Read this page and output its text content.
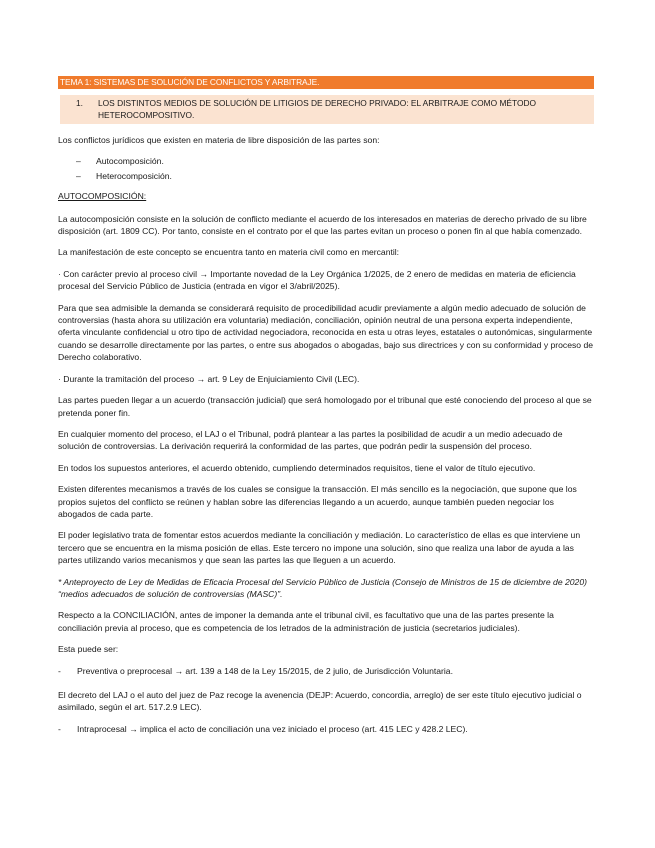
TEMA 1: SISTEMAS DE SOLUCIÓN DE CONFLICTOS Y ARBITRAJE.
1.	LOS DISTINTOS MEDIOS DE SOLUCIÓN DE LITIGIOS DE DERECHO PRIVADO: EL ARBITRAJE COMO MÉTODO HETEROCOMPOSITIVO.

Los conflictos jurídicos que existen en materia de libre disposición de las partes son:

–	Autocomposición.
–	Heterocomposición.

AUTOCOMPOSICIÓN:

La autocomposición consiste en la solución de conflicto mediante el acuerdo de los interesados en materias de derecho privado de su libre disposición (art. 1809 CC). Por tanto, consiste en el contrato por el que las partes evitan un proceso o ponen fin al que había comenzado.

La manifestación de este concepto se encuentra tanto en materia civil como en mercantil:

· Con carácter previo al proceso civil → Importante novedad de la Ley Orgánica 1/2025, de 2 enero de medidas en materia de eficiencia procesal del Servicio Público de Justicia (entrada en vigor el 3/abril/2025).

Para que sea admisible la demanda se considerará requisito de procedibilidad acudir previamente a algún medio adecuado de solución de controversias (hasta ahora su utilización era voluntaria) mediación, conciliación, opinión neutral de una persona experta independiente, oferta vinculante confidencial u otro tipo de actividad negociadora, reconocida en esta u otras leyes, estatales o autonómicas, singularmente cuando se desarrolle directamente por las partes, o entre sus abogados o abogadas, bajo sus directrices y con su conformidad y proceso de Derecho colaborativo.

· Durante la tramitación del proceso → art. 9 Ley de Enjuiciamiento Civil (LEC).

Las partes pueden llegar a un acuerdo (transacción judicial) que será homologado por el tribunal que esté conociendo del proceso al que se pretenda poner fin.

En cualquier momento del proceso, el LAJ o el Tribunal, podrá plantear a las partes la posibilidad de acudir a un medio adecuado de solución de controversias. La derivación requerirá la conformidad de las partes, que podrán pedir la suspensión del proceso.

En todos los supuestos anteriores, el acuerdo obtenido, cumpliendo determinados requisitos, tiene el valor de título ejecutivo.

Existen diferentes mecanismos a través de los cuales se consigue la transacción. El más sencillo es la negociación, que supone que los propios sujetos del conflicto se reúnen y hablan sobre las diferencias llegando a un acuerdo, aunque también pueden negociar los abogados de cada parte.

El poder legislativo trata de fomentar estos acuerdos mediante la conciliación y mediación. Lo característico de ellas es que interviene un tercero que se encuentra en la misma posición de ellas. Este tercero no impone una solución, sino que realiza una labor de ayuda a las partes utilizando varios mecanismos y que sean las partes las que lleguen a un acuerdo.

* Anteproyecto de Ley de Medidas de Eficacia Procesal del Servicio Público de Justicia (Consejo de Ministros de 15 de diciembre de 2020) “medios adecuados de solución de controversias (MASC)”.

Respecto a la CONCILIACIÓN, antes de imponer la demanda ante el tribunal civil, es facultativo que una de las partes presente la conciliación previa al proceso, que es competencia de los letrados de la administración de justicia (secretarios judiciales).

Esta puede ser:

-	Preventiva o preprocesal → art. 139 a 148 de la Ley 15/2015, de 2 julio, de Jurisdicción Voluntaria.

El decreto del LAJ o el auto del juez de Paz recoge la avenencia (DEJP: Acuerdo, concordia, arreglo) de ser este título ejecutivo judicial o asimilado, según el art. 517.2.9 LEC).

-	Intraprocesal → implica el acto de conciliación una vez iniciado el proceso (art. 415 LEC y 428.2 LEC).
